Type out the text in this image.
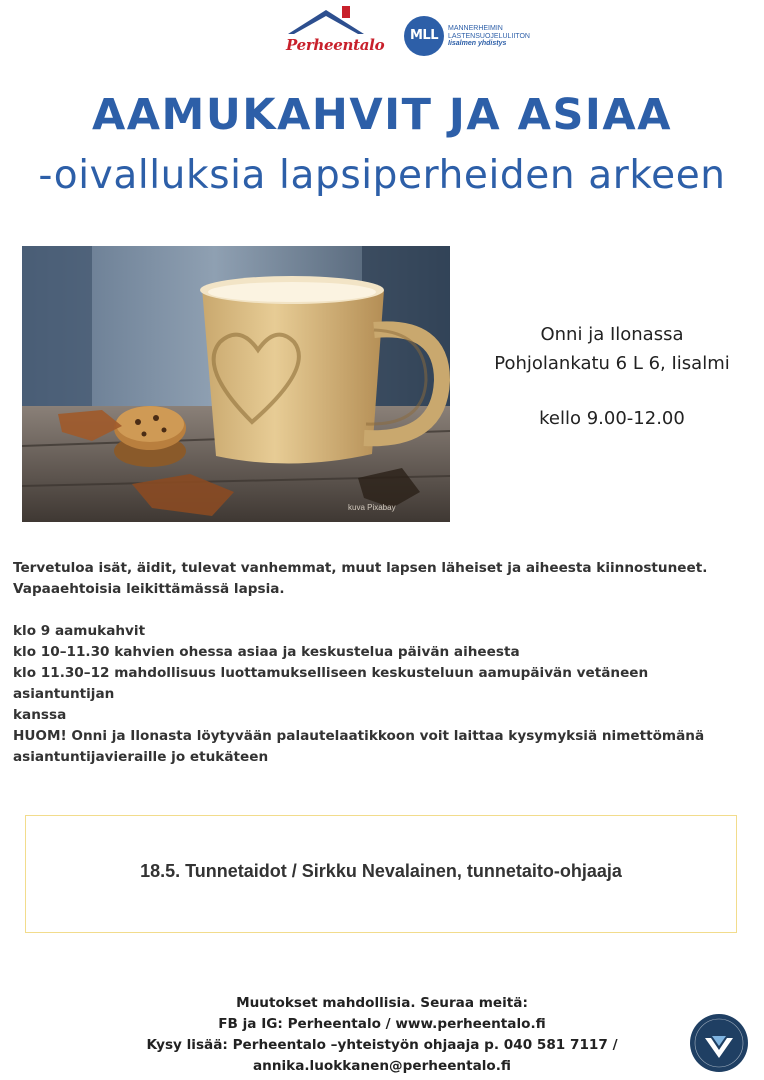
Perheentalo
MLL	MANNERHEIMIN
LASTENSUOJELULIITON
Iisalmen yhdistys
AAMUKAHVIT JA ASIAA
-oivalluksia lapsiperheiden arkeen
kuva Pixabay
Onni ja Ilonassa
Pohjolankatu 6 L 6, Iisalmi
kello 9.00-12.00
Tervetuloa isät, äidit, tulevat vanhemmat, muut lapsen läheiset ja aiheesta kiinnostuneet.
Vapaaehtoisia leikittämässä lapsia.
klo 9 aamukahvit
klo 10–11.30 kahvien ohessa asiaa ja keskustelua päivän aiheesta
klo 11.30–12 mahdollisuus luottamukselliseen keskusteluun aamupäivän vetäneen asiantuntijan
kanssa
HUOM! Onni ja Ilonasta löytyvään palautelaatikkoon voit laittaa kysymyksiä nimettömänä
asiantuntijavieraille jo etukäteen
18.5. Tunnetaidot / Sirkku Nevalainen, tunnetaito-ohjaaja
Muutokset mahdollisia. Seuraa meitä:
FB ja IG: Perheentalo / www.perheentalo.fi
Kysy lisää: Perheentalo –yhteistyön ohjaaja p. 040 581 7117 /
annika.luokkanen@perheentalo.fi
